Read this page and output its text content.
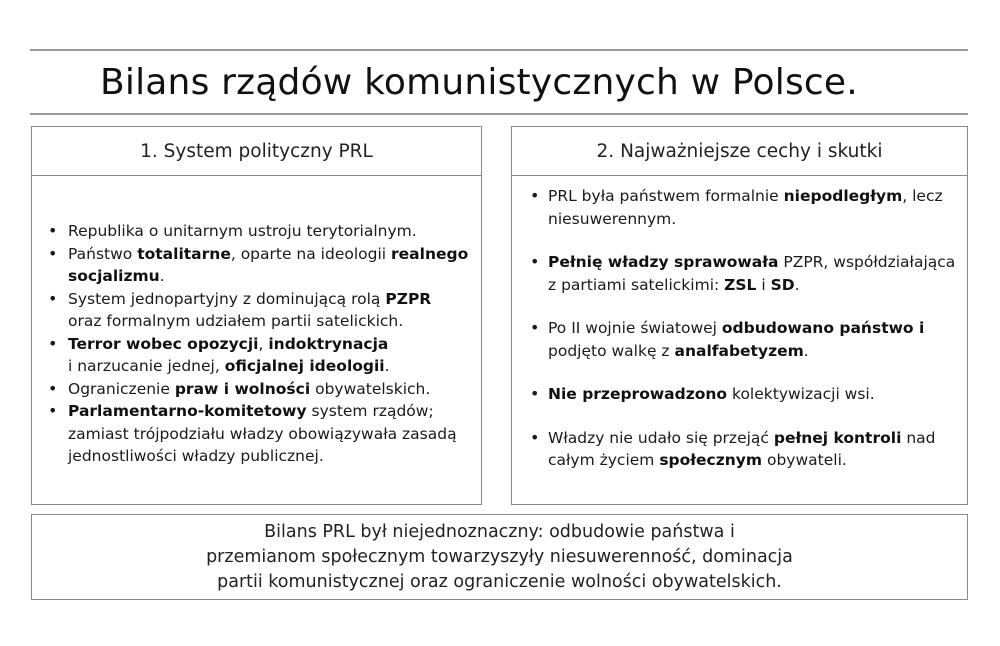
Bilans rządów komunistycznych w Polsce.
1. System polityczny PRL
• Republika o unitarnym ustroju terytorialnym.
• Państwo totalitarne, oparte na ideologii realnego socjalizmu.
• System jednopartyjny z dominującą rolą PZPR oraz formalnym udziałem partii satelickich.
• Terror wobec opozycji, indoktrynacja
i narzucanie jednej, oficjalnej ideologii.
• Ograniczenie praw i wolności obywatelskich.
• Parlamentarno-komitetowy system rządów; zamiast trójpodziału władzy obowiązywała zasadą jednostliwości władzy publicznej.
2. Najważniejsze cechy i skutki
• PRL była państwem formalnie niepodległym, lecz niesuwerennym.
• Pełnię władzy sprawowała PZPR, współdziałająca z partiami satelickimi: ZSL i SD.
• Po II wojnie światowej odbudowano państwo i podjęto walkę z analfabetyzem.
• Nie przeprowadzono kolektywizacji wsi.
• Władzy nie udało się przejąć pełnej kontroli nad całym życiem społecznym obywateli.
Bilans PRL był niejednoznaczny: odbudowie państwa i
przemianom społecznym towarzyszyły niesuwerenność, dominacja
partii komunistycznej oraz ograniczenie wolności obywatelskich.
